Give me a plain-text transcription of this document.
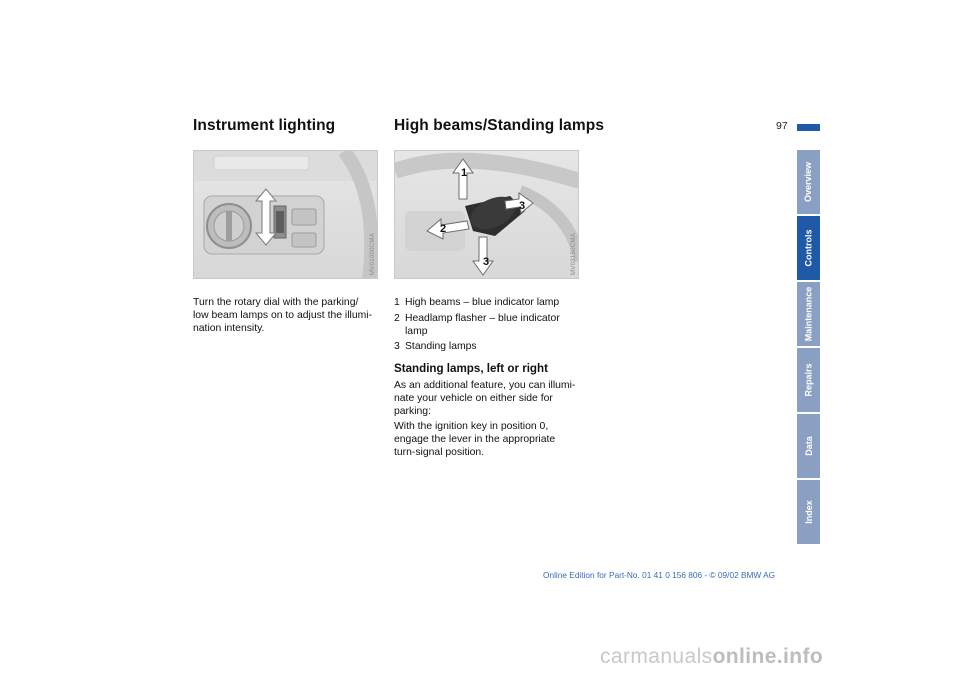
Instrument lighting
MV01000CMA
Turn the rotary dial with the parking/
low beam lamps on to adjust the illumi-
nation intensity.
High beams/Standing lamps
1
2
3
3	MV03150CMA
1 High beams – blue indicator lamp
2 Headlamp flasher – blue indicator
lamp
3 Standing lamps
Standing lamps, left or right

As an additional feature, you can illumi-
nate your vehicle on either side for
parking:

With the ignition key in position 0,
engage the lever in the appropriate
turn-signal position.

97
Overview
Controls
Maintenance
Repairs
Data
Index
Online Edition for Part-No. 01 41 0 156 806 - © 09/02 BMW AG
carmanualsonline.info
